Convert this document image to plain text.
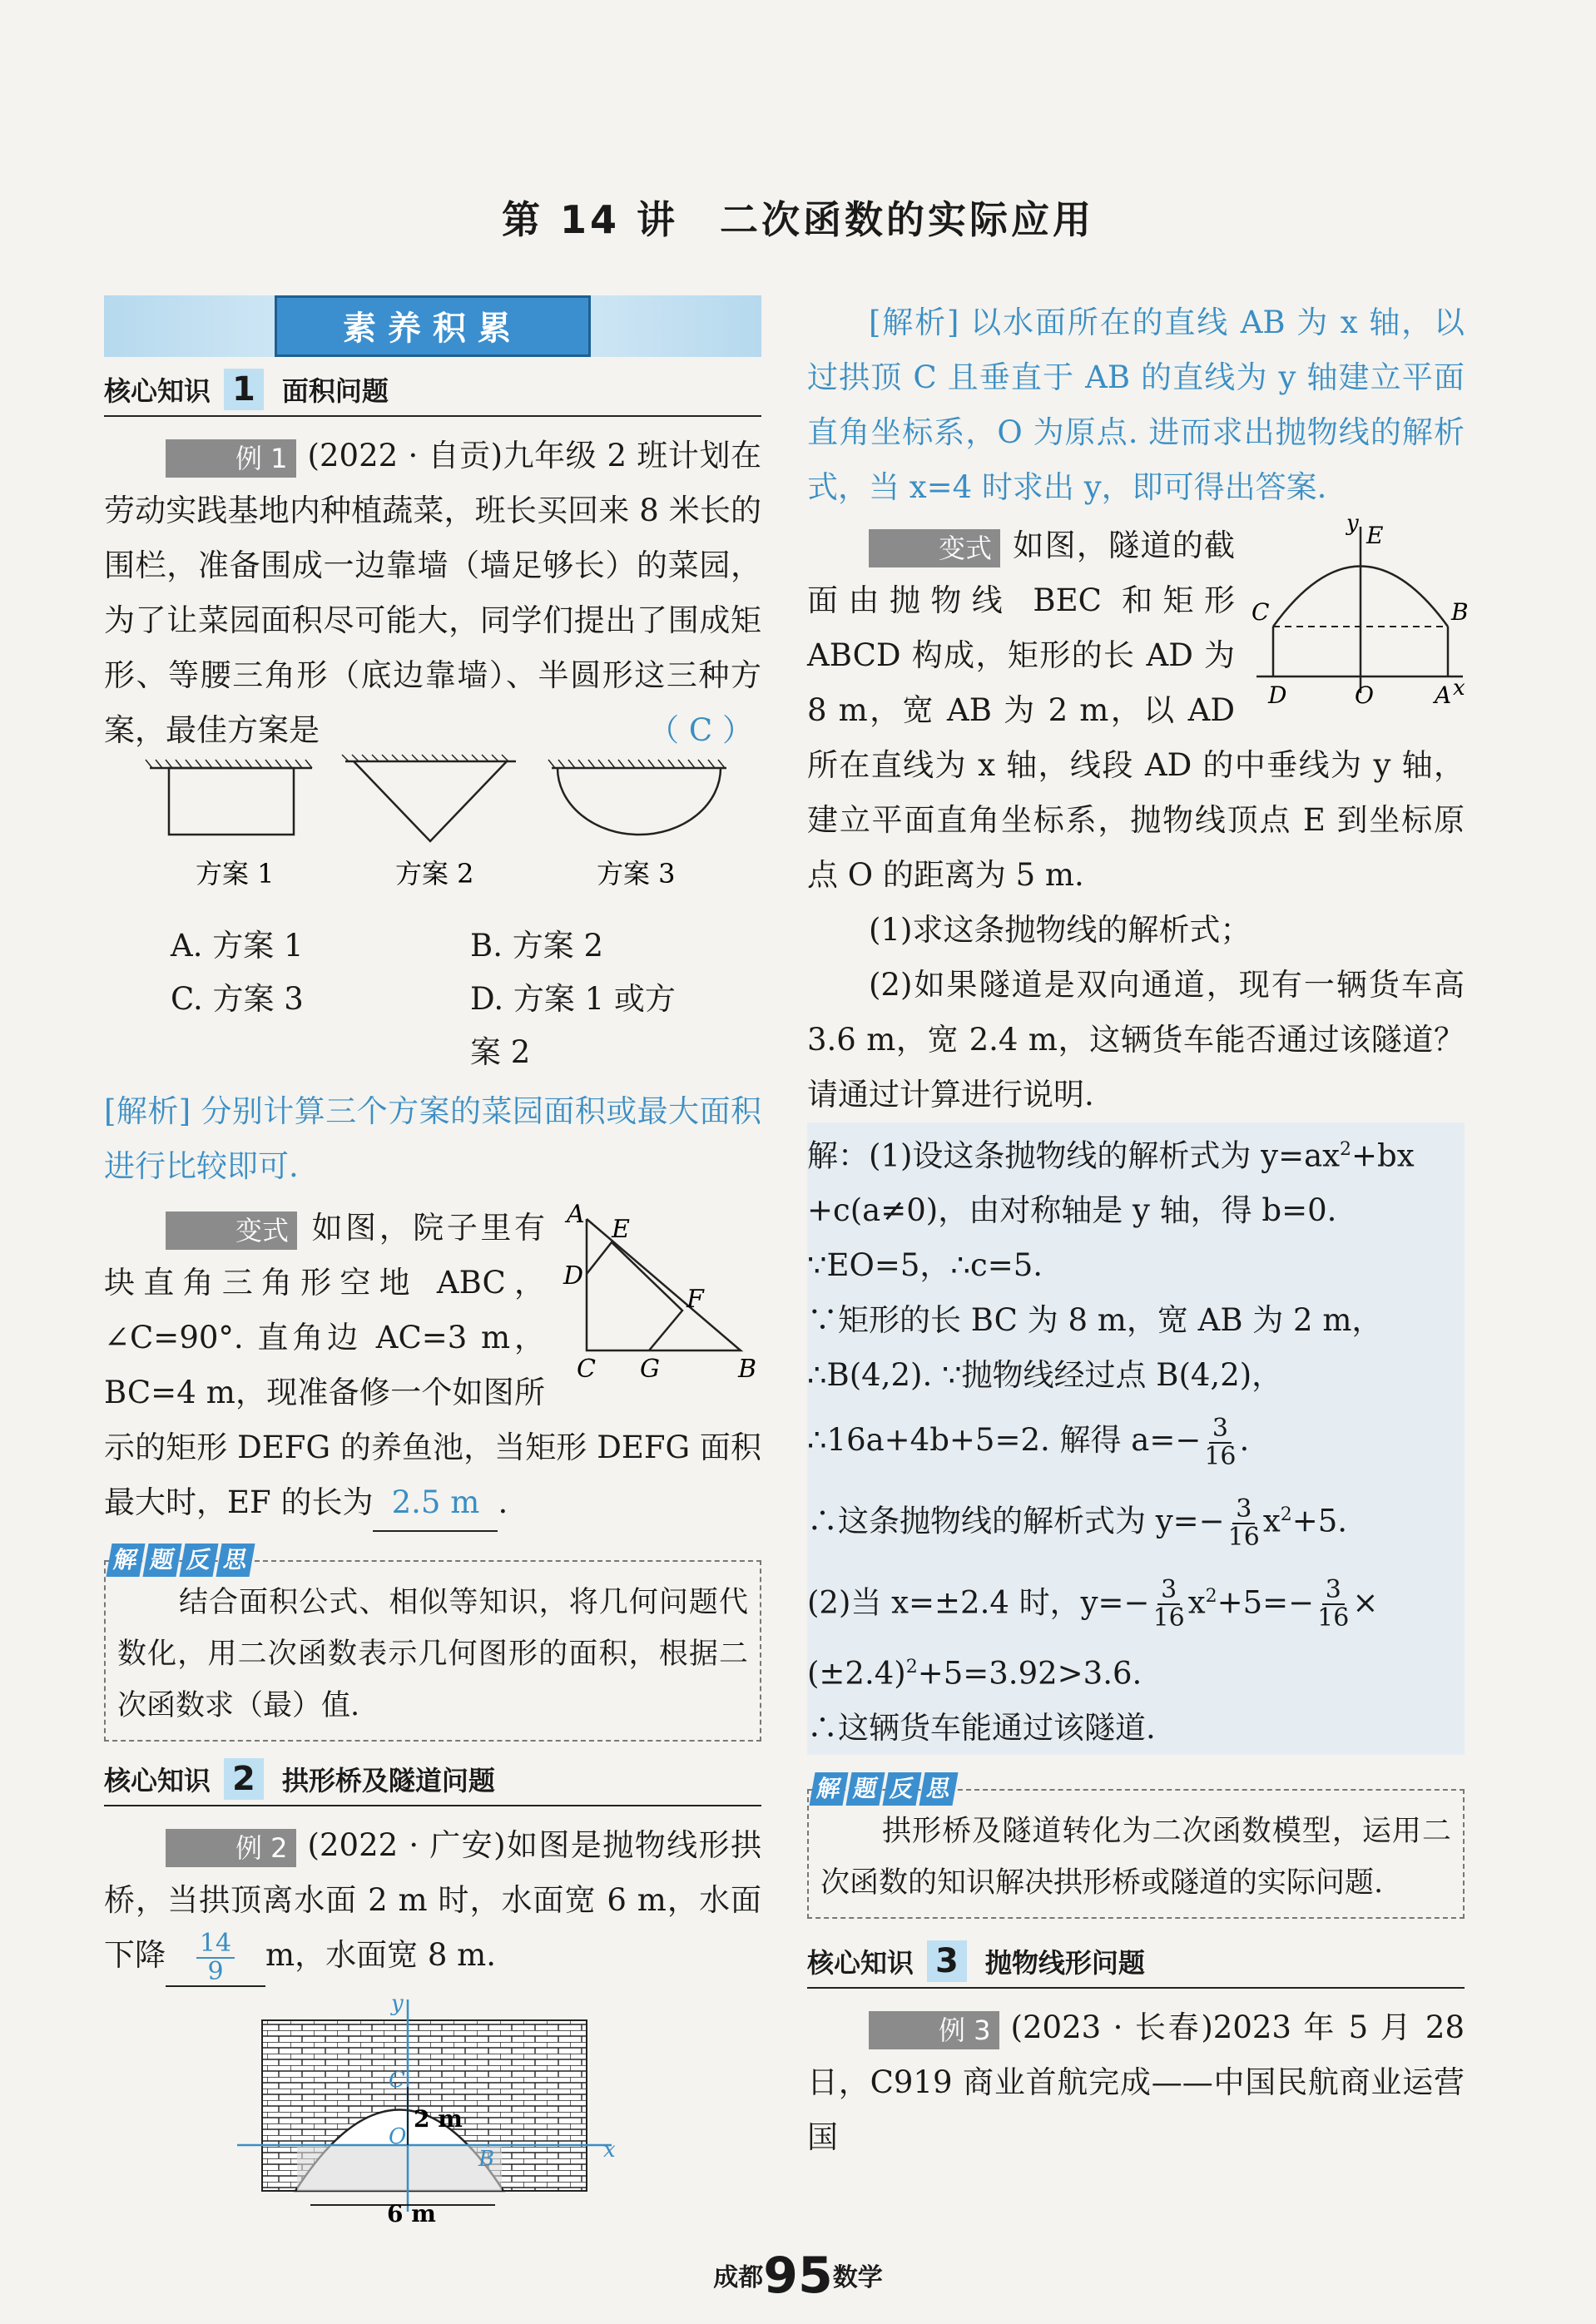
第 14 讲　二次函数的实际应用
素养积累
核心知识 1	面积问题

例 1 (2022 · 自贡)九年级 2 班计划在劳动实践基地内种植蔬菜，班长买回来 8 米长的围栏，准备围成一边靠墙（墙足够长）的菜园，为了让菜园面积尽可能大，同学们提出了围成矩形、等腰三角形（底边靠墙）、半圆形这三种方案，最佳方案是	（ C ）

方案 1	方案 2	方案 3
A. 方案 1	B. 方案 2
C. 方案 3	D. 方案 1 或方案 2

[解析] 分别计算三个方案的菜园面积或最大面积进行比较即可.

A
E
D
F
C G	B

变式 如图，院子里有块直角三角形空地 ABC，∠C=90°. 直角边 AC=3 m，BC=4 m，现准备修一个如图所示的矩形 DEFG 的养鱼池，当矩形 DEFG 面积最大时，EF 的长为 2.5 m .

解 题 反 思

结合面积公式、相似等知识，将几何问题代数化，用二次函数表示几何图形的面积，根据二次函数求（最）值.

核心知识 2	拱形桥及隧道问题

例 2 (2022 · 广安)如图是抛物线形拱桥，当拱顶离水面 2 m 时，水面宽 6 m，水面下降 $\frac{14}{9}$ m，水面宽 8 m.

y
x
C
O
B
2 m
6 m

[解析] 以水面所在的直线 AB 为 x 轴，以过拱顶 C 且垂直于 AB 的直线为 y 轴建立平面直角坐标系，O 为原点. 进而求出抛物线的解析式，当 x=4 时求出 y，即可得出答案.

y E
C	B
D	O	A x

变式 如图，隧道的截面由抛物线 BEC 和矩形 ABCD 构成，矩形的长 AD 为 8 m，宽 AB 为 2 m，以 AD 所在直线为 x 轴，线段 AD 的中垂线为 y 轴，建立平面直角坐标系，抛物线顶点 E 到坐标原点 O 的距离为 5 m.

(1)求这条抛物线的解析式；

(2)如果隧道是双向通道，现有一辆货车高 3.6 m，宽 2.4 m，这辆货车能否通过该隧道？请通过计算进行说明.

解：(1)设这条抛物线的解析式为 $y=ax^2+bx$

+c(a≠0)，由对称轴是 y 轴，得 b=0.

∵EO=5，∴c=5.

∵矩形的长 BC 为 8 m，宽 AB 为 2 m，

∴B(4,2). ∵抛物线经过点 B(4,2)，

∴16a+4b+5=2. 解得 $a=- \frac{3}{16}$ .

∴这条抛物线的解析式为 $y=- \frac{3}{16} x^2+5$.

(2)当 x=±2.4 时，$y=- \frac{3}{16} x^2+5=- \frac{3}{16}$ ×

$(\pm 2.4)^2+5=3.92>3.6$.

∴这辆货车能通过该隧道.

解 题 反 思

拱形桥及隧道转化为二次函数模型，运用二次函数的知识解决拱形桥或隧道的实际问题.

核心知识 3	抛物线形问题

例 3 (2023 · 长春)2023 年 5 月 28 日，C919 商业首航完成——中国民航商业运营国

成都95数学
